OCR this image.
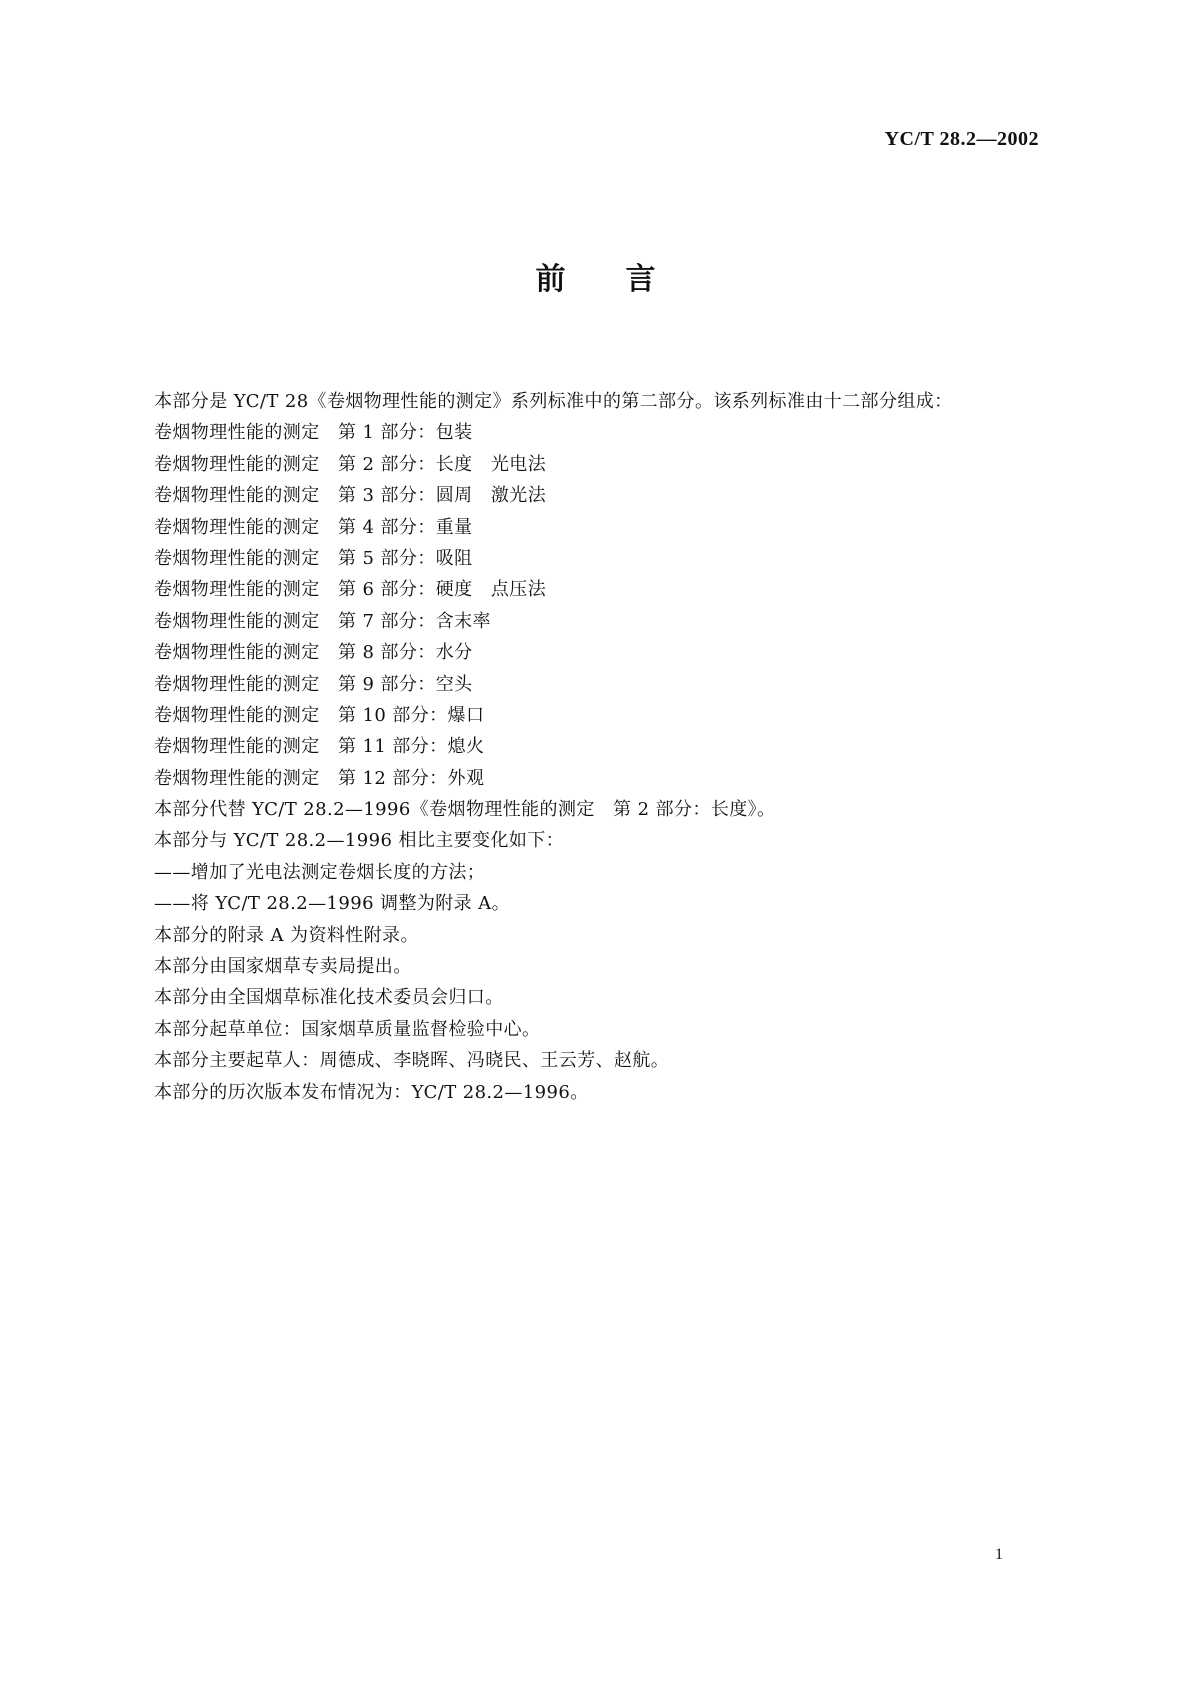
YC/T 28.2—2002
前言
本部分是 YC/T 28《卷烟物理性能的测定》系列标准中的第二部分。该系列标准由十二部分组成：
卷烟物理性能的测定　第 1 部分：包装
卷烟物理性能的测定　第 2 部分：长度　光电法
卷烟物理性能的测定　第 3 部分：圆周　激光法
卷烟物理性能的测定　第 4 部分：重量
卷烟物理性能的测定　第 5 部分：吸阻
卷烟物理性能的测定　第 6 部分：硬度　点压法
卷烟物理性能的测定　第 7 部分：含末率
卷烟物理性能的测定　第 8 部分：水分
卷烟物理性能的测定　第 9 部分：空头
卷烟物理性能的测定　第 10 部分：爆口
卷烟物理性能的测定　第 11 部分：熄火
卷烟物理性能的测定　第 12 部分：外观
本部分代替 YC/T 28.2—1996《卷烟物理性能的测定　第 2 部分：长度》。
本部分与 YC/T 28.2—1996 相比主要变化如下：
——增加了光电法测定卷烟长度的方法；
——将 YC/T 28.2—1996 调整为附录 A。
本部分的附录 A 为资料性附录。
本部分由国家烟草专卖局提出。
本部分由全国烟草标准化技术委员会归口。
本部分起草单位：国家烟草质量监督检验中心。
本部分主要起草人：周德成、李晓晖、冯晓民、王云芳、赵航。
本部分的历次版本发布情况为：YC/T 28.2—1996。
1
